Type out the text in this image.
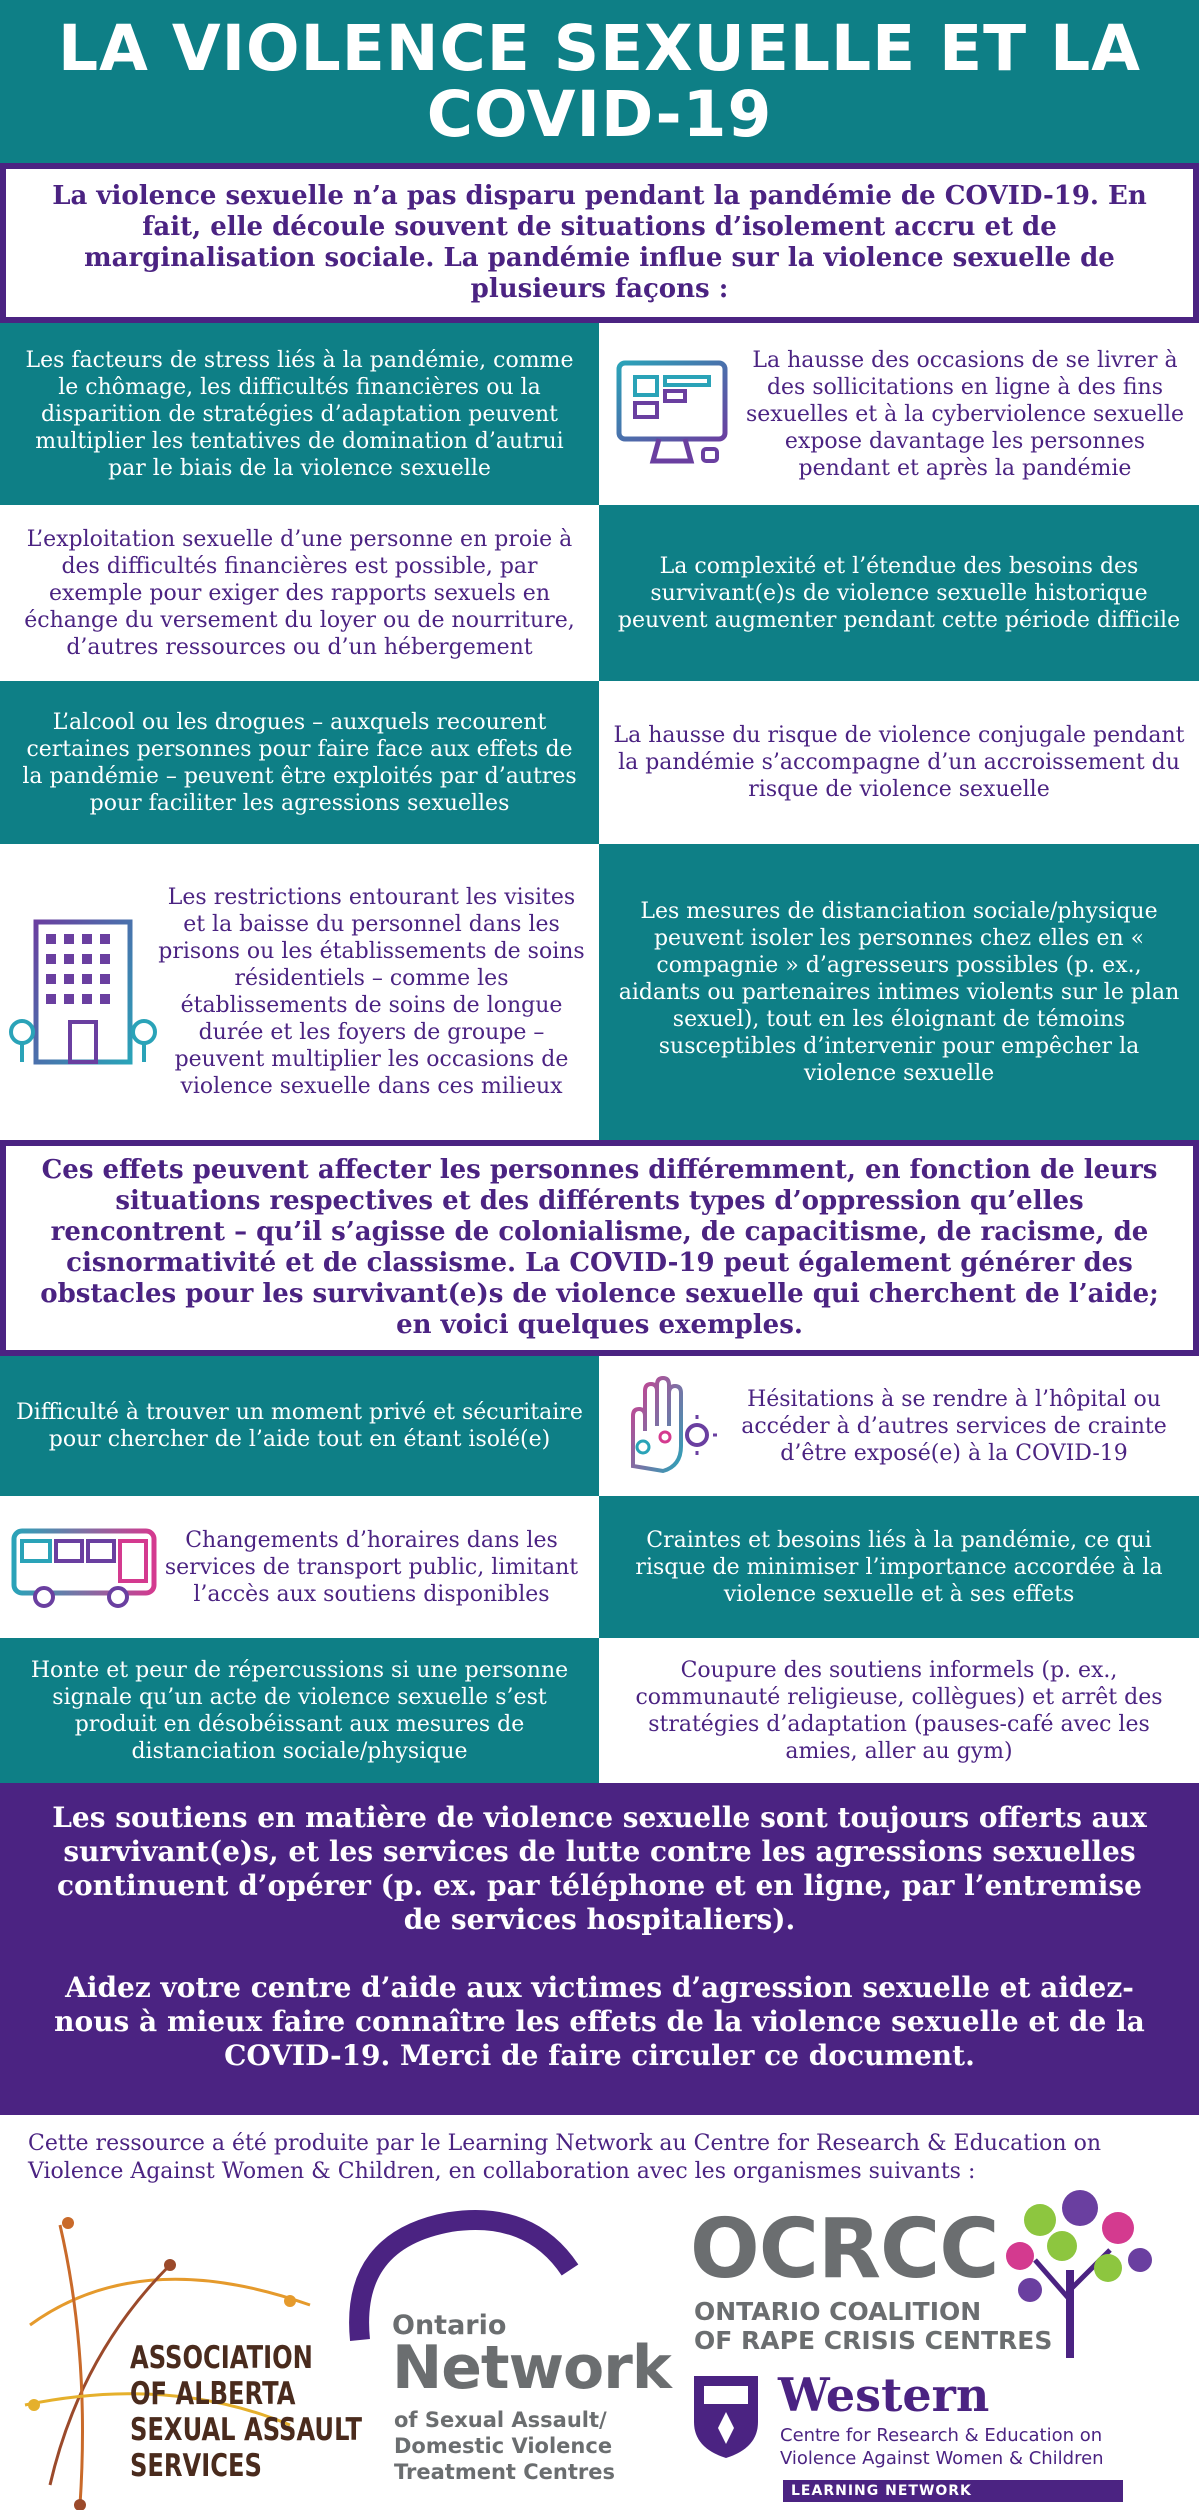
LA VIOLENCE SEXUELLE ET LA COVID-19
La violence sexuelle n’a pas disparu pendant la pandémie de COVID-19. En fait, elle découle souvent de situations d’isolement accru et de marginalisation sociale. La pandémie influe sur la violence sexuelle de plusieurs façons :
Les facteurs de stress liés à la pandémie, comme le chômage, les difficultés financières ou la disparition de stratégies d’adaptation peuvent multiplier les tentatives de domination d’autrui par le biais de la violence sexuelle
La hausse des occasions de se livrer à des sollicitations en ligne à des fins sexuelles et à la cyberviolence sexuelle expose davantage les personnes pendant et après la pandémie
L’exploitation sexuelle d’une personne en proie à des difficultés financières est possible, par exemple pour exiger des rapports sexuels en échange du versement du loyer ou de nourriture, d’autres ressources ou d’un hébergement
La complexité et l’étendue des besoins des survivant(e)s de violence sexuelle historique peuvent augmenter pendant cette période difficile
L’alcool ou les drogues – auxquels recourent certaines personnes pour faire face aux effets de la pandémie – peuvent être exploités par d’autres pour faciliter les agressions sexuelles
La hausse du risque de violence conjugale pendant la pandémie s’accompagne d’un accroissement du risque de violence sexuelle
Les restrictions entourant les visites et la baisse du personnel dans les prisons ou les établissements de soins résidentiels – comme les établissements de soins de longue durée et les foyers de groupe – peuvent multiplier les occasions de violence sexuelle dans ces milieux
Les mesures de distanciation sociale/physique peuvent isoler les personnes chez elles en « compagnie » d’agresseurs possibles (p. ex., aidants ou partenaires intimes violents sur le plan sexuel), tout en les éloignant de témoins susceptibles d’intervenir pour empêcher la violence sexuelle
Ces effets peuvent affecter les personnes différemment, en fonction de leurs situations respectives et des différents types d’oppression qu’elles rencontrent – qu’il s’agisse de colonialisme, de capacitisme, de racisme, de cisnormativité et de classisme. La COVID-19 peut également générer des obstacles pour les survivant(e)s de violence sexuelle qui cherchent de l’aide; en voici quelques exemples.
Difficulté à trouver un moment privé et sécuritaire pour chercher de l’aide tout en étant isolé(e)
Hésitations à se rendre à l’hôpital ou accéder à d’autres services de crainte d’être exposé(e) à la COVID-19
Changements d’horaires dans les services de transport public, limitant l’accès aux soutiens disponibles
Craintes et besoins liés à la pandémie, ce qui risque de minimiser l’importance accordée à la violence sexuelle et à ses effets
Honte et peur de répercussions si une personne signale qu’un acte de violence sexuelle s’est produit en désobéissant aux mesures de distanciation sociale/physique
Coupure des soutiens informels (p. ex., communauté religieuse, collègues) et arrêt des stratégies d’adaptation (pauses-café avec les amies, aller au gym)

Les soutiens en matière de violence sexuelle sont toujours offerts aux survivant(e)s, et les services de lutte contre les agressions sexuelles continuent d’opérer (p. ex. par téléphone et en ligne, par l’entremise de services hospitaliers).

Aidez votre centre d’aide aux victimes d’agression sexuelle et aidez-nous à mieux faire connaître les effets de la violence sexuelle et de la COVID-19. Merci de faire circuler ce document.

Cette ressource a été produite par le Learning Network au Centre for Research & Education on Violence Against Women & Children, en collaboration avec les organismes suivants :
ASSOCIATION
OF ALBERTA
SEXUAL ASSAULT
SERVICES
Ontario
Network
of Sexual Assault/
Domestic Violence
Treatment Centres
OCRCC
ONTARIO COALITION
OF RAPE CRISIS CENTRES
Western
Centre for Research & Education on
Violence Against Women & Children
LEARNING NETWORK
